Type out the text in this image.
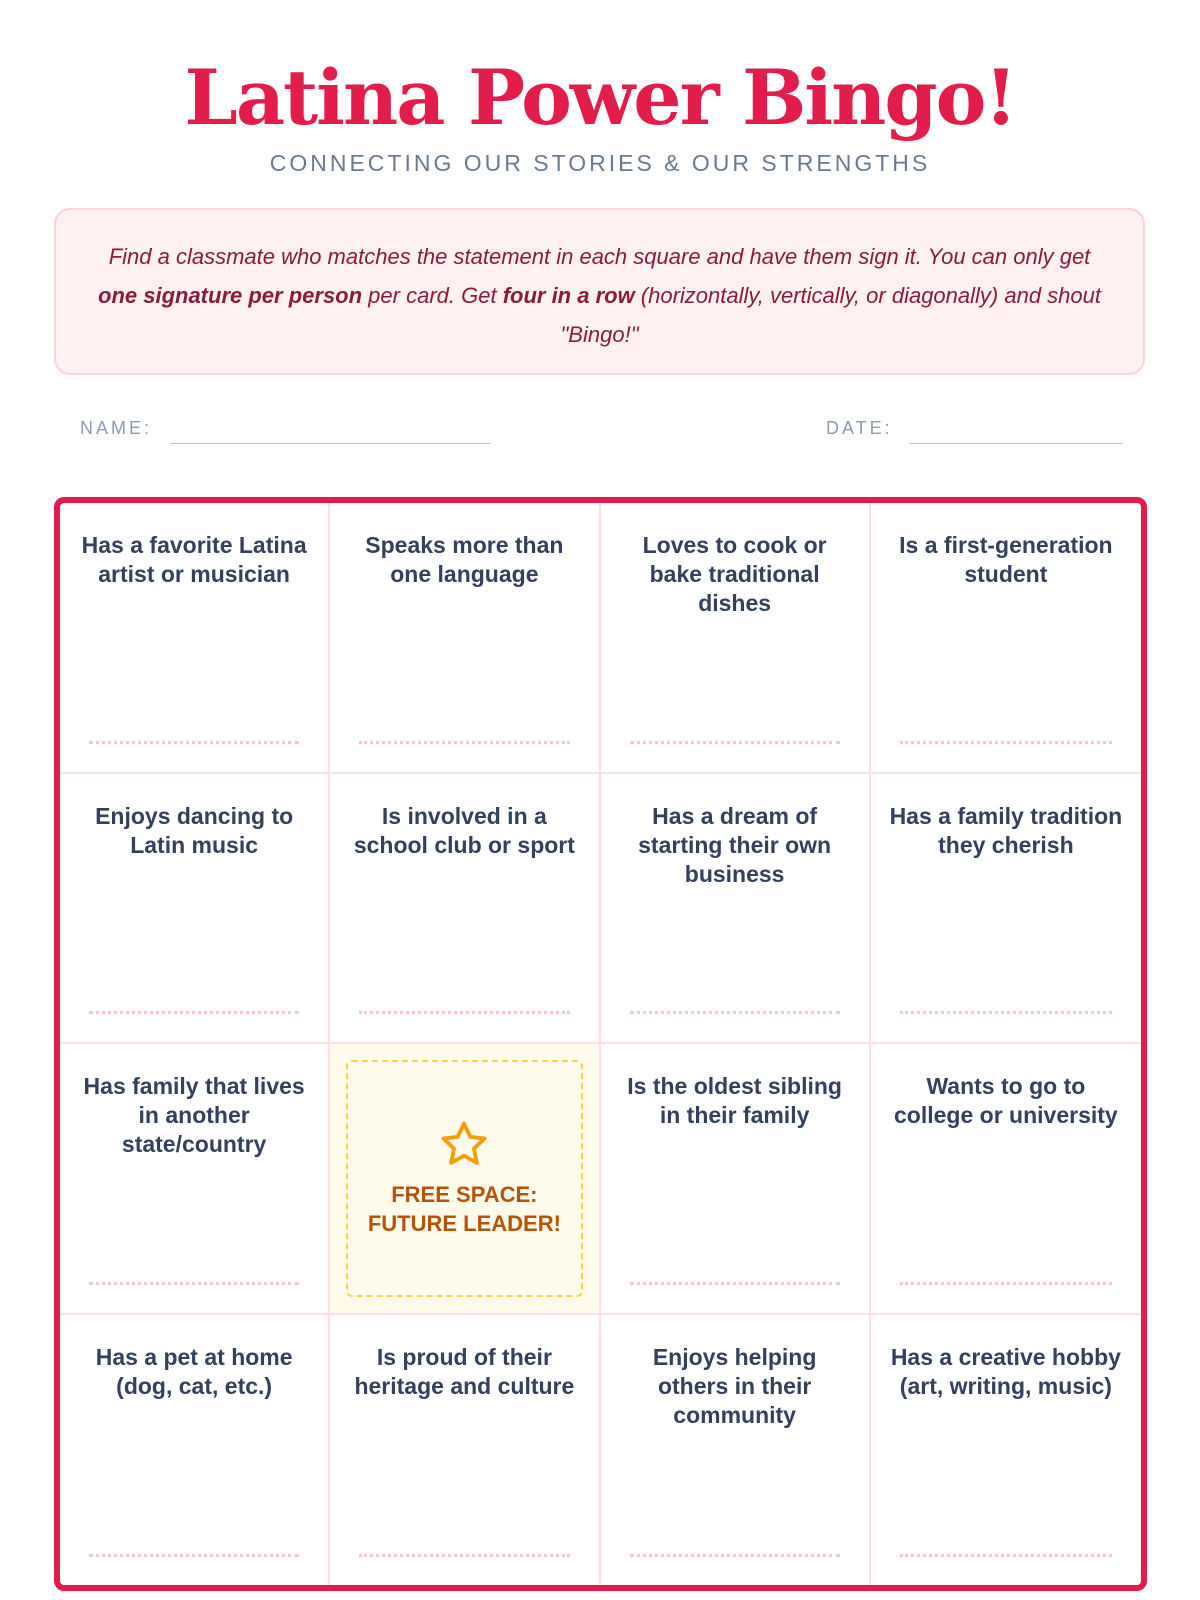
Latina Power Bingo!
CONNECTING OUR STORIES & OUR STRENGTHS
Find a classmate who matches the statement in each square and have them sign it. You can only get one signature per person per card. Get four in a row (horizontally, vertically, or diagonally) and shout "Bingo!"
NAME:	DATE:
Has a favorite Latina artist or musician
Speaks more than one language
Loves to cook or bake traditional dishes
Is a first-generation student
Enjoys dancing to Latin music
Is involved in a school club or sport
Has a dream of starting their own business
Has a family tradition they cherish
Has family that lives in another state/country
FREE SPACE: FUTURE LEADER!
Is the oldest sibling in their family
Wants to go to college or university
Has a pet at home (dog, cat, etc.)
Is proud of their heritage and culture
Enjoys helping others in their community
Has a creative hobby (art, writing, music)
